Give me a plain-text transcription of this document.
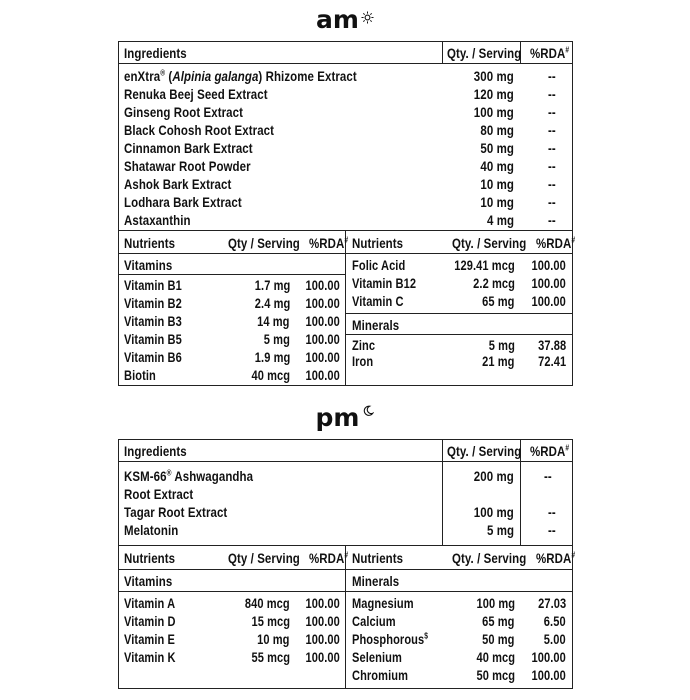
am
Ingredients	Qty. / Serving %RDA#
enXtra® (Alpinia galanga) Rhizome Extract	300 mg --
Renuka Beej Seed Extract	120 mg --
Ginseng Root Extract	100 mg --
Black Cohosh Root Extract	80 mg --
Cinnamon Bark Extract	50 mg --
Shatawar Root Powder	40 mg --
Ashok Bark Extract	10 mg --
Lodhara Bark Extract	10 mg --
Astaxanthin	4 mg --
Nutrients	Qty / Serving %RDA# Nutrients	Qty. / Serving %RDA#
Vitamins
Vitamin B1	1.7 mg 100.00
Vitamin B2	2.4 mg 100.00
Vitamin B3	14 mg 100.00
Vitamin B5	5 mg 100.00
Vitamin B6	1.9 mg 100.00
Biotin	40 mcg 100.00
Folic Acid	129.41 mcg 100.00
Vitamin B12	2.2 mcg 100.00
Vitamin C	65 mg 100.00
Minerals
Zinc	5 mg 37.88
Iron	21 mg 72.41
pm
Ingredients	Qty. / Serving %RDA#
KSM-66® Ashwagandha
Root Extract
200 mg --
Tagar Root Extract	100 mg --
Melatonin	5 mg --
Nutrients	Qty / Serving %RDA# Nutrients	Qty. / Serving %RDA#
Vitamins	Minerals
Vitamin A	840 mcg 100.00
Vitamin D	15 mcg 100.00
Vitamin E	10 mg 100.00
Vitamin K	55 mcg 100.00
Magnesium	100 mg 27.03
Calcium	65 mg 6.50
Phosphorous$	50 mg 5.00
Selenium	40 mcg 100.00
Chromium	50 mcg 100.00
